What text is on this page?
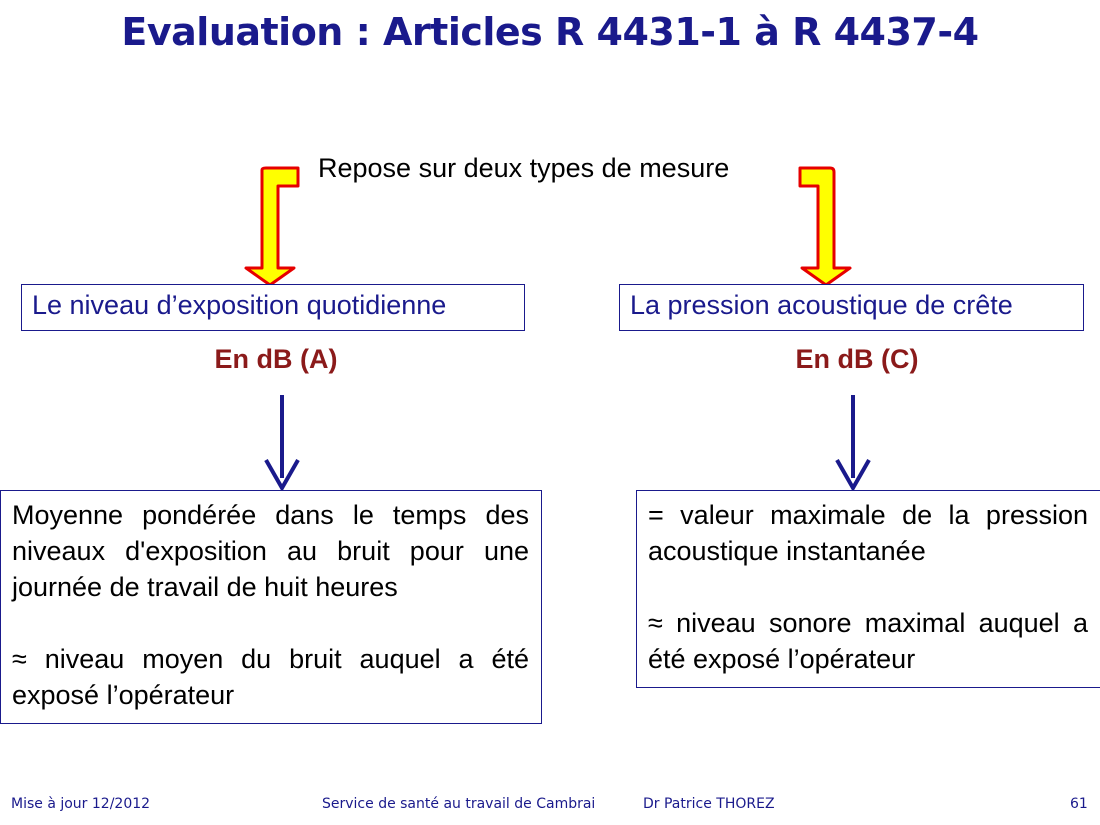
Evaluation : Articles R 4431-1 à R 4437-4
Repose sur deux types de mesure
Le niveau d’exposition quotidienne	La pression acoustique de crête
En dB (A)	En dB (C)

Moyenne pondérée dans le temps des niveaux d'exposition au bruit pour une journée de travail de huit heures

≈ niveau moyen du bruit auquel a été exposé l’opérateur

= valeur maximale de la pression acoustique instantanée

≈ niveau sonore maximal auquel a été exposé l’opérateur

Mise à jour 12/2012	Service de santé au travail de Cambrai	Dr Patrice THOREZ	61
